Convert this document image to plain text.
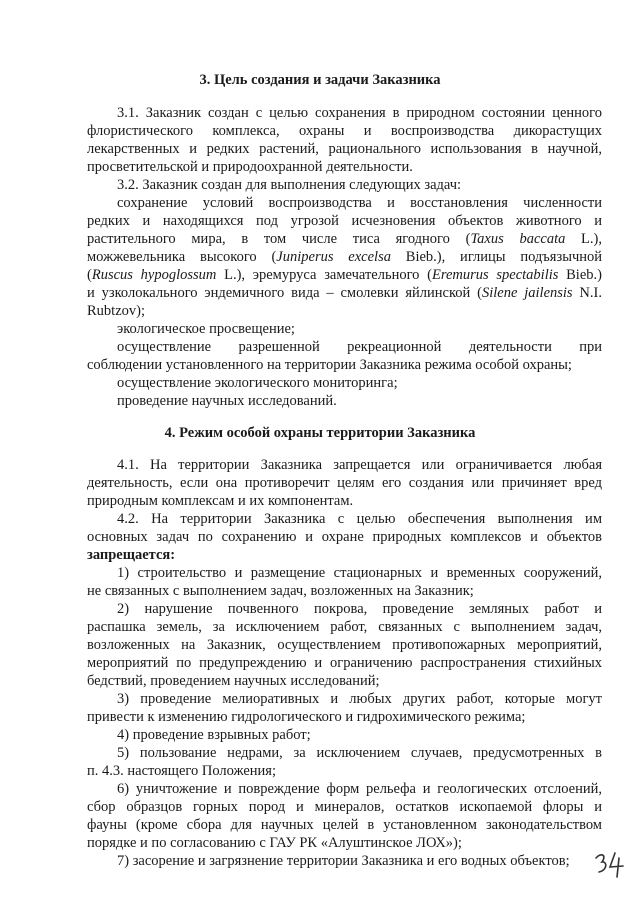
3. Цель создания и задачи Заказника
3.1. Заказник создан с целью сохранения в природном состоянии ценного
флористического комплекса, охраны и воспроизводства дикорастущих
лекарственных и редких растений, рационального использования в научной,
просветительской и природоохранной деятельности.
3.2. Заказник создан для выполнения следующих задач:
сохранение условий воспроизводства и восстановления численности
редких и находящихся под угрозой исчезновения объектов животного и
растительного мира, в том числе тиса ягодного (Taxus baccata L.),
можжевельника высокого (Juniperus excelsa Bieb.), иглицы подъязычной
(Ruscus hypoglossum L.), эремуруса замечательного (Eremurus spectabilis Bieb.)
и узколокального эндемичного вида – смолевки яйлинской (Silene jailensis N.I.
Rubtzov);
экологическое просвещение;
осуществление разрешенной рекреационной деятельности при
соблюдении установленного на территории Заказника режима особой охраны;
осуществление экологического мониторинга;
проведение научных исследований.
4. Режим особой охраны территории Заказника
4.1. На территории Заказника запрещается или ограничивается любая
деятельность, если она противоречит целям его создания или причиняет вред
природным комплексам и их компонентам.
4.2. На территории Заказника с целью обеспечения выполнения им
основных задач по сохранению и охране природных комплексов и объектов
запрещается:
1) строительство и размещение стационарных и временных сооружений,
не связанных с выполнением задач, возложенных на Заказник;
2) нарушение почвенного покрова, проведение земляных работ и
распашка земель, за исключением работ, связанных с выполнением задач,
возложенных на Заказник, осуществлением противопожарных мероприятий,
мероприятий по предупреждению и ограничению распространения стихийных
бедствий, проведением научных исследований;
3) проведение мелиоративных и любых других работ, которые могут
привести к изменению гидрологического и гидрохимического режима;
4) проведение взрывных работ;
5) пользование недрами, за исключением случаев, предусмотренных в
п. 4.3. настоящего Положения;
6) уничтожение и повреждение форм рельефа и геологических отслоений,
сбор образцов горных пород и минералов, остатков ископаемой флоры и
фауны (кроме сбора для научных целей в установленном законодательством
порядке и по согласованию с ГАУ РК «Алуштинское ЛОХ»);
7) засорение и загрязнение территории Заказника и его водных объектов;
